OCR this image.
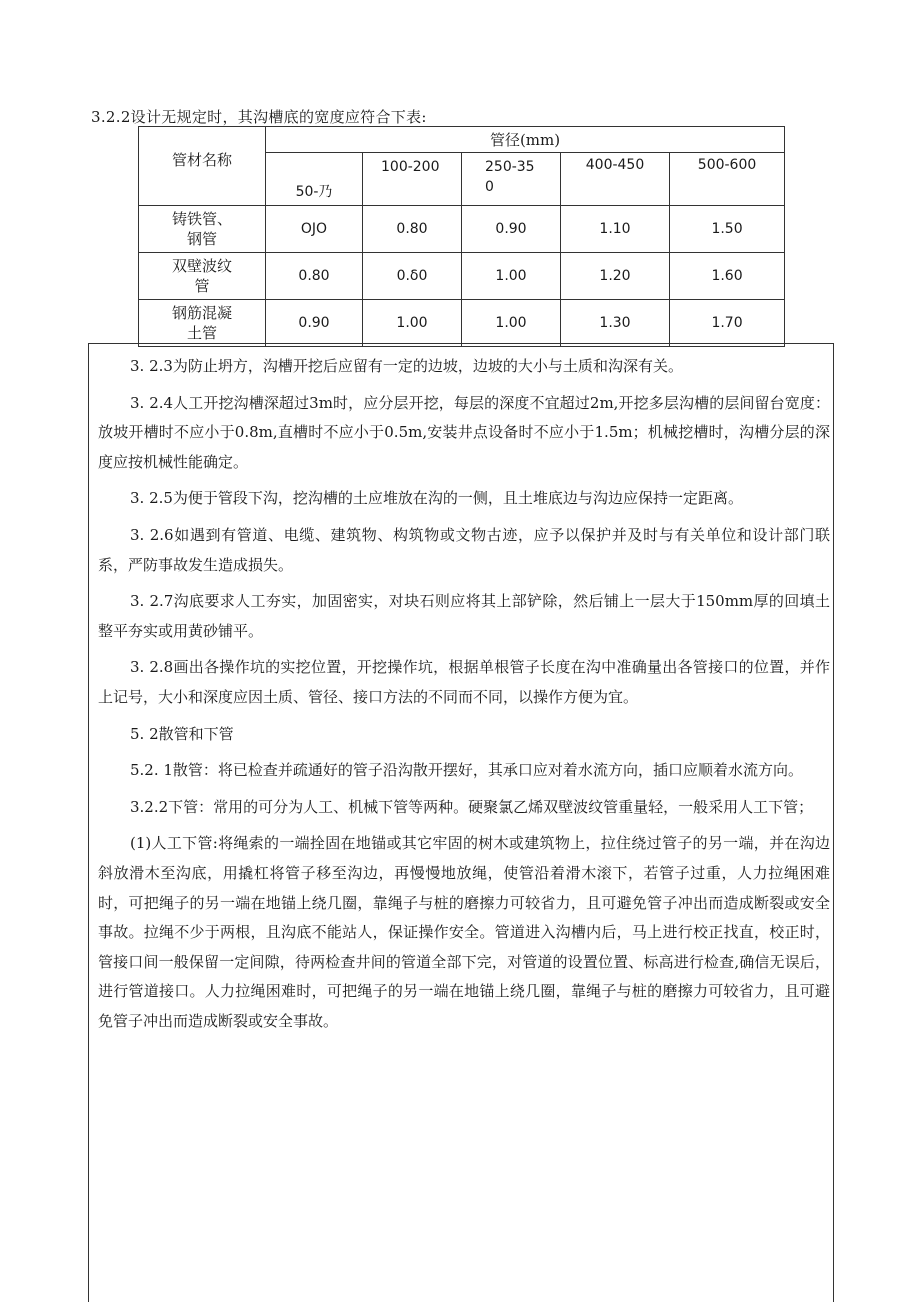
3.2.2设计无规定时，其沟槽底的宽度应符合下表:
管材名称	管径(mm)				
	50-乃	100-200	250-350	400-450	500-600

铸铁管、钢管	OJO	0.80	0.90	1.10	1.50

双壁波纹管	0.80	0.δ0	1.00	1.20	1.60

钢筋混凝土管	0.90	1.00	1.00	1.30	1.70

3. 2.3为防止坍方，沟槽开挖后应留有一定的边坡，边坡的大小与土质和沟深有关。

3. 2.4人工开挖沟槽深超过3m时，应分层开挖，每层的深度不宜超过2m,开挖多层沟槽的层间留台宽度：放坡开槽时不应小于0.8m,直槽时不应小于0.5m,安装井点设备时不应小于1.5m；机械挖槽时，沟槽分层的深度应按机械性能确定。

3. 2.5为便于管段下沟，挖沟槽的土应堆放在沟的一侧，且土堆底边与沟边应保持一定距离。

3. 2.6如遇到有管道、电缆、建筑物、构筑物或文物古迹，应予以保护并及时与有关单位和设计部门联系，严防事故发生造成损失。

3. 2.7沟底要求人工夯实，加固密实，对块石则应将其上部铲除，然后铺上一层大于150mm厚的回填土整平夯实或用黄砂铺平。

3. 2.8画出各操作坑的实挖位置，开挖操作坑，根据单根管子长度在沟中准确量出各管接口的位置，并作上记号，大小和深度应因土质、管径、接口方法的不同而不同，以操作方便为宜。

5. 2散管和下管

5.2. 1散管：将已检查并疏通好的管子沿沟散开摆好，其承口应对着水流方向，插口应顺着水流方向。

3.2.2下管：常用的可分为人工、机械下管等两种。硬聚氯乙烯双壁波纹管重量轻，一般采用人工下管；

(1)人工下管:将绳索的一端拴固在地锚或其它牢固的树木或建筑物上，拉住绕过管子的另一端，并在沟边斜放滑木至沟底，用撬杠将管子移至沟边，再慢慢地放绳，使管沿着滑木滚下，若管子过重，人力拉绳困难时，可把绳子的另一端在地锚上绕几圈，靠绳子与桩的磨擦力可较省力，且可避免管子冲出而造成断裂或安全事故。拉绳不少于两根，且沟底不能站人，保证操作安全。管道进入沟槽内后，马上进行校正找直，校正时，管接口间一般保留一定间隙，待两检查井间的管道全部下完，对管道的设置位置、标高进行检查,确信无误后，进行管道接口。人力拉绳困难时，可把绳子的另一端在地锚上绕几圈，靠绳子与桩的磨擦力可较省力，且可避免管子冲出而造成断裂或安全事故。
